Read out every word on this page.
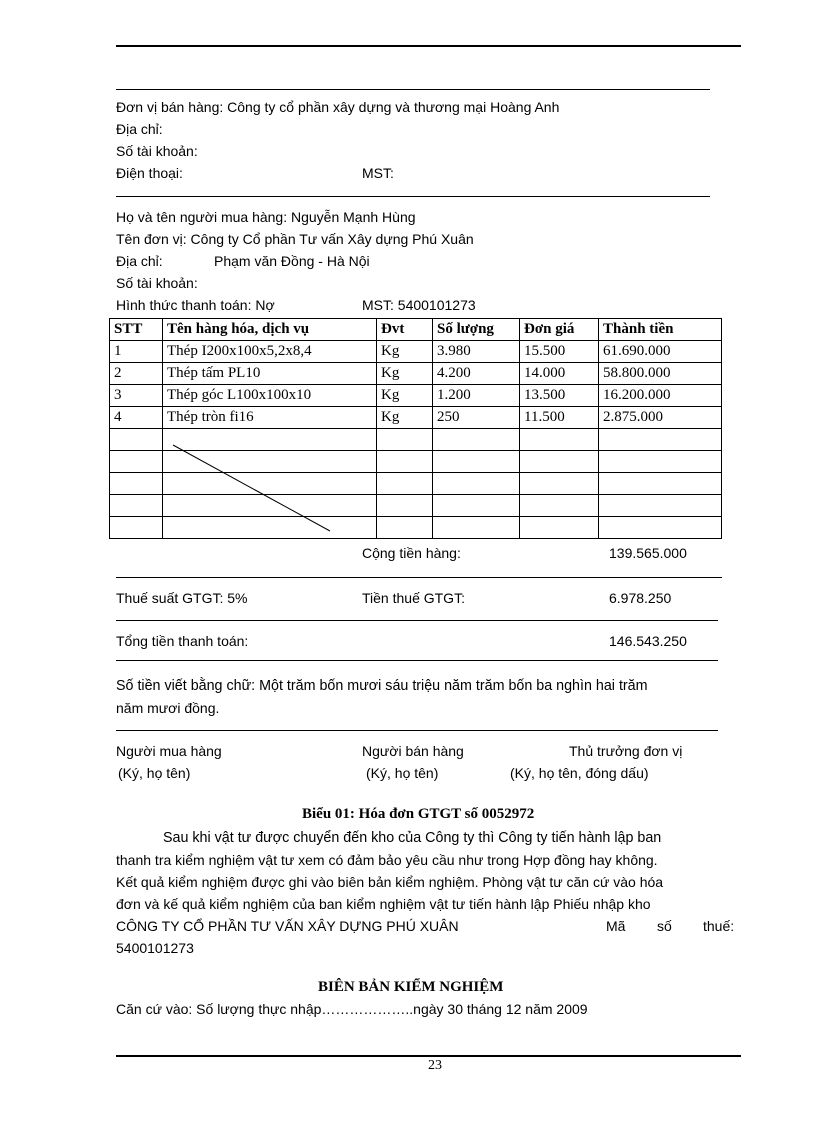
Đơn vị bán hàng: Công ty cổ phần xây dựng và thương mại Hoàng Anh
Địa chỉ:
Số tài khoản:
Điện thoại:	MST:
Họ và tên người mua hàng: Nguyễn Mạnh Hùng
Tên đơn vị: Công ty Cổ phần Tư vấn Xây dựng Phú Xuân
Địa chỉ:	Phạm văn Đồng - Hà Nội
Số tài khoản:
Hình thức thanh toán: Nợ	MST: 5400101273
STT	Tên hàng hóa, dịch vụ	Đvt	Số lượng	Đơn giá	Thành tiền
1	Thép I200x100x5,2x8,4	Kg	3.980	15.500	61.690.000
2	Thép tấm PL10	Kg	4.200	14.000	58.800.000
3	Thép góc L100x100x10	Kg	1.200	13.500	16.200.000
4	Thép tròn fi16	Kg	250	11.500	2.875.000

Cộng tiền hàng:	139.565.000
Thuế suất GTGT: 5%	Tiền thuế GTGT:	6.978.250
Tổng tiền thanh toán:	146.543.250
Số tiền viết bằng chữ: Một trăm bốn mươi sáu triệu năm trăm bốn ba nghìn hai trăm
năm mươi đồng.
Người mua hàng
(Ký, họ tên)
Người bán hàng
(Ký, họ tên)
Thủ trưởng đơn vị
(Ký, họ tên, đóng dấu)
Biểu 01: Hóa đơn GTGT số 0052972
Sau khi vật tư được chuyển đến kho của Công ty thì Công ty tiến hành lập ban
thanh tra kiểm nghiệm vật tư xem có đảm bảo yêu cầu như trong Hợp đồng hay không.
Kết quả kiểm nghiệm được ghi vào biên bản kiểm nghiệm. Phòng vật tư căn cứ vào hóa
đơn và kế quả kiểm nghiệm của ban kiểm nghiệm vật tư tiến hành lập Phiếu nhập kho
CÔNG TY CỔ PHẦN TƯ VẤN XÂY DỰNG PHÚ XUÂN	Mã số thuế:
5400101273
BIÊN BẢN KIỂM NGHIỆM
Căn cứ vào: Số lượng thực nhập………………..ngày 30 tháng 12 năm 2009
23
